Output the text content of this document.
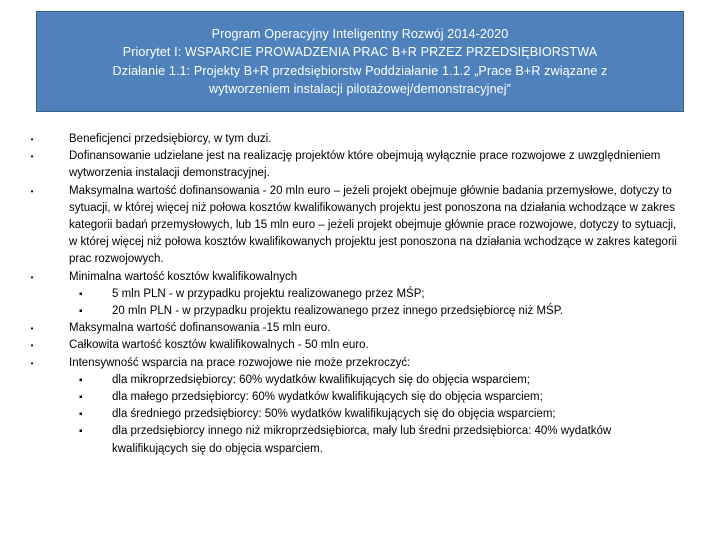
Program Operacyjny Inteligentny Rozwój 2014-2020
Priorytet I: WSPARCIE PROWADZENIA PRAC B+R PRZEZ PRZEDSIĘBIORSTWA
Działanie 1.1: Projekty B+R przedsiębiorstw Poddziałanie 1.1.2 „Prace B+R związane z
wytworzeniem instalacji pilotażowej/demonstracyjnej”
•	Beneficjenci przedsiębiorcy, w tym duzi.
•	Dofinansowanie udzielane jest na realizację projektów które obejmują wyłącznie prace rozwojowe z uwzględnieniem wytworzenia instalacji demonstracyjnej.
•	Maksymalna wartość dofinansowania - 20 mln euro – jeżeli projekt obejmuje głównie badania przemysłowe, dotyczy to sytuacji, w której więcej niż połowa kosztów kwalifikowanych projektu jest ponoszona na działania wchodzące w zakres kategorii badań przemysłowych, lub 15 mln euro – jeżeli projekt obejmuje głównie prace rozwojowe, dotyczy to sytuacji, w której więcej niż połowa kosztów kwalifikowanych projektu jest ponoszona na działania wchodzące w zakres kategorii prac rozwojowych.
•	Minimalna wartość kosztów kwalifikowalnych
▪	5 mln PLN - w przypadku projektu realizowanego przez MŚP;
▪	20 mln PLN - w przypadku projektu realizowanego przez innego przedsiębiorcę niż MŚP.
•	Maksymalna wartość dofinansowania -15 mln euro.
•	Całkowita wartość kosztów kwalifikowalnych - 50 mln euro.
•	Intensywność wsparcia na prace rozwojowe nie może przekroczyć:
▪	dla mikroprzedsiębiorcy: 60% wydatków kwalifikujących się do objęcia wsparciem;
▪	dla małego przedsiębiorcy: 60% wydatków kwalifikujących się do objęcia wsparciem;
▪	dla średniego przedsiębiorcy: 50% wydatków kwalifikujących się do objęcia wsparciem;
▪	dla przedsiębiorcy innego niż mikroprzedsiębiorca, mały lub średni przedsiębiorca: 40% wydatków kwalifikujących się do objęcia wsparciem.
